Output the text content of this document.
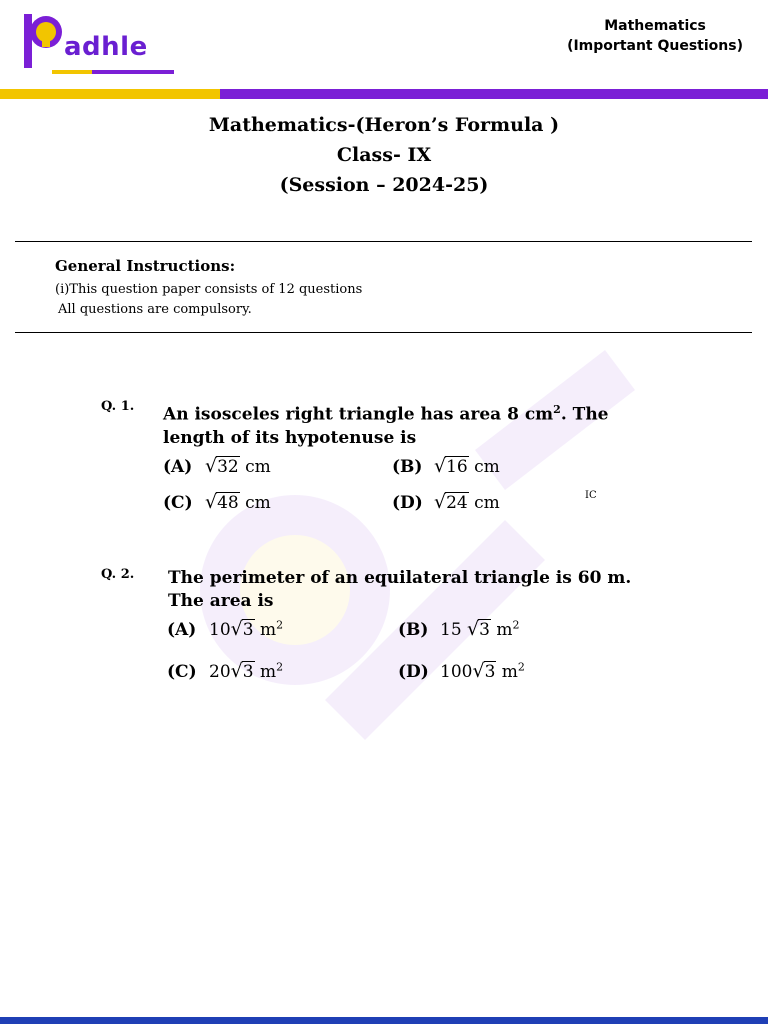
adhle
Mathematics
(Important Questions)
Mathematics-(Heron’s Formula )
Class- IX
(Session – 2024-25)
General Instructions:
(i)This question paper consists of 12 questions
All questions are compulsory.
Q. 1. An isosceles right triangle has area 8 $cm^2$. The
length of its hypotenuse is
(A) √32 cm	(B) √16 cm
(C) √48 cm	(D) √24 cm	IC
Q. 2. The perimeter of an equilateral triangle is 60 m.
The area is
(A) 10√3 $m^2$	(B) 15 √3 $m^2$
(C) 20√3 $m^2$	(D) 100√3 $m^2$
